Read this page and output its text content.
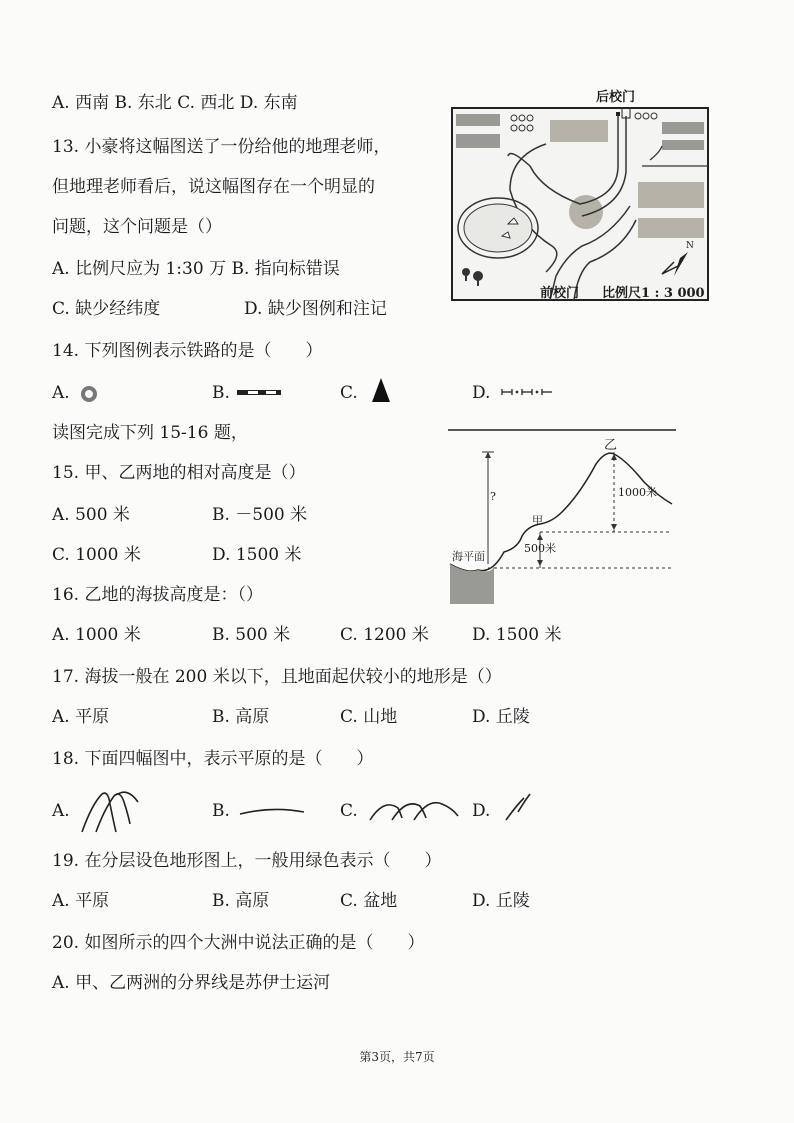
A. 西南 B. 东北 C. 西北 D. 东南
13. 小豪将这幅图送了一份给他的地理老师，
但地理老师看后，说这幅图存在一个明显的
问题，这个问题是（）
A. 比例尺应为 1:30 万 B. 指向标错误
C. 缺少经纬度	D. 缺少图例和注记
N
后校门
前校门 比例尺1 : 3 000
14. 下列图例表示铁路的是（　　）
A.	B.	C.	D.
读图完成下列 15-16 题，
15. 甲、乙两地的相对高度是（）
A. 500 米	B. －500 米
C. 1000 米	D. 1500 米
乙
甲
1000米
500米
海平面
?
16. 乙地的海拔高度是：（）
A. 1000 米	B. 500 米	C. 1200 米	D. 1500 米
17. 海拔一般在 200 米以下，且地面起伏较小的地形是（）
A. 平原	B. 高原	C. 山地	D. 丘陵
18. 下面四幅图中，表示平原的是（　　）
A.	B.	C.	D.
19. 在分层设色地形图上，一般用绿色表示（　　）
A. 平原	B. 高原	C. 盆地	D. 丘陵
20. 如图所示的四个大洲中说法正确的是（　　）
A. 甲、乙两洲的分界线是苏伊士运河
第3页，共7页
